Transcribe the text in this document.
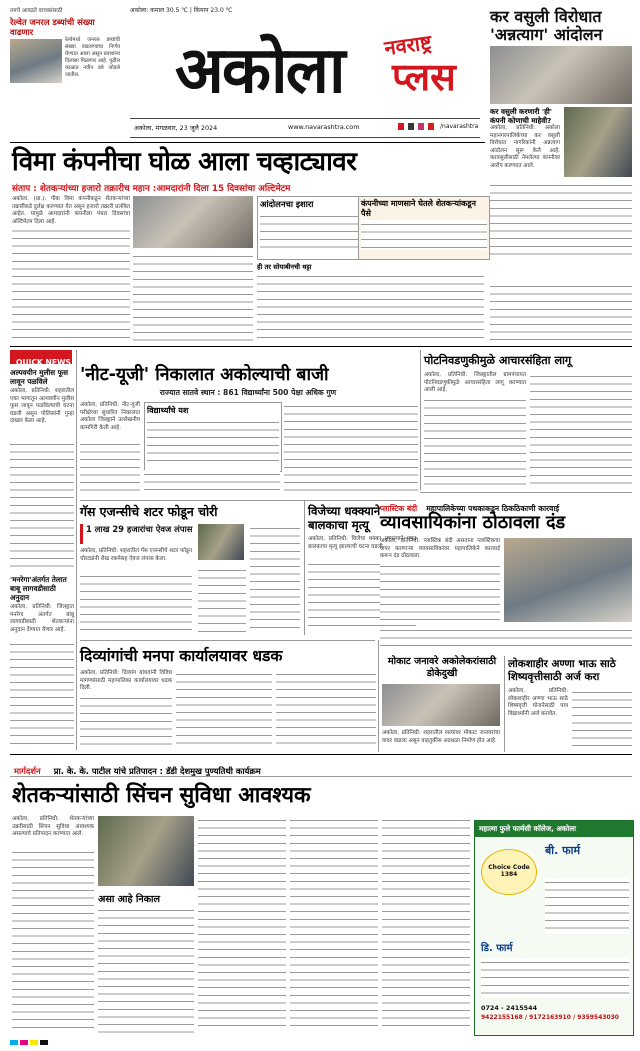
तमचे आवडते वाचकांसाठी	अकोला: कमाल 30.5 ℃ | किमान 23.0 ℃
रेल्वेत जनरल डब्यांची संख्या वाढणार
रेल्वेमध्ये जनरल डब्यांची संख्या वाढवण्याचा निर्णय घेण्यात आला असून प्रवाशांना दिलासा मिळणार आहे. पुढील काळात नवीन डबे जोडले जातील.	अकोला	नवराष्ट्र
प्लस
अकोला, मंगळवार, 23 जुलै 2024	www.navarashtra.com	/navarashtra
कर वसुली विरोधात 'अन्नत्याग' आंदोलन
कर वसुली करणारी 'ही' कंपनी कोणाची माहेवी?
अकोला, प्रतिनिधी: अकोला महानगरपालिकेच्या कर वसुली विरोधात नागरिकांनी अन्नत्याग आंदोलन सुरू केले आहे. करवसुलीसाठी नेमलेल्या कंपनीवर आरोप करण्यात आले.
विमा कंपनीचा घोळ आला चव्हाट्यावर
संताप : शेतकऱ्यांच्या हजारो तक्रारीच महान :आमदारांनी दिला 15 दिवसांचा अल्टिमेटम
अकोला, (प्रा.): पीक विमा कंपनीकडून शेतकऱ्यांच्या तक्रारींकडे दुर्लक्ष करण्यात येत असून हजारो तक्रारी प्रलंबित आहेत. यामुळे आमदारांनी कंपनीला पंधरा दिवसांचा अल्टिमेटम दिला आहे.
आंदोलनचा इशारा	कंपनीच्या माणसाने घेतले शेतकऱ्यांकडून पैसे
ही तर सोयाबीनची थट्टा
QUICK NEWS
अल्पवयीन मुलीस फूस लावून पळविले
अकोला, प्रतिनिधी: शहरातील एका भागातून अल्पवयीन मुलीस फूस लावून पळविल्याची घटना घडली असून पोलिसांनी गुन्हा दाखल केला आहे.
'मनरेगा'अंतर्गत तेलात बाबू लागवडीसाठी अनुदान
अकोला, प्रतिनिधी: जिल्ह्यात मनरेगा अंतर्गत बांबू लागवडीसाठी शेतकऱ्यांना अनुदान देण्यात येणार आहे.
'नीट-यूजी' निकालात अकोल्याची बाजी
राज्यात सातवे स्थान : 861 विद्यार्थ्यांना 500 पेक्षा अधिक गुण
अकोला, प्रतिनिधी: नीट-यूजी परीक्षेच्या सुधारित निकालात अकोला जिल्ह्याने उल्लेखनीय कामगिरी केली आहे.
विद्यार्थ्यांचे यश
पोटनिवडणुकीमुळे आचारसंहिता लागू
अकोला, प्रतिनिधी: जिल्ह्यातील ग्रामपंचायत पोटनिवडणुकीमुळे आचारसंहिता लागू करण्यात आली आहे.
गॅस एजन्सीचे शटर फोडून चोरी
1 लाख 29 हजारांचा ऐवज लंपास
अकोला, प्रतिनिधी: शहरातील गॅस एजन्सीचे शटर फोडून चोरट्यांनी रोख रकमेसह ऐवज लंपास केला.
विजेच्या धक्क्याने बालकाचा मृत्यू
अकोला, प्रतिनिधी: विजेचा धक्का लागल्याने एका बालकाचा मृत्यू झाल्याची घटना घडली.
प्लास्टिक बंदी महापालिकेच्या पथकाकडून ठिकठिकाणी कारवाई
व्यावसायिकांना ठोठावला दंड
अकोला, प्रतिनिधी: प्लास्टिक बंदी असताना प्लास्टिकचा वापर करणाऱ्या व्यावसायिकांवर महापालिकेने कारवाई करून दंड ठोठावला.
दिव्यांगांची मनपा कार्यालयावर धडक
अकोला, प्रतिनिधी: दिव्यांग बांधवांनी विविध मागण्यांसाठी महापालिका कार्यालयावर धडक दिली.
मोकाट जनावरे अकोलेकरांसाठी डोकेदुखी
अकोला, प्रतिनिधी: शहरातील रस्त्यांवर मोकाट जनावरांचा वावर वाढला असून वाहतुकीस अडथळा निर्माण होत आहे.
लोकशाहीर अण्णा भाऊ साठे शिष्यवृत्तीसाठी अर्ज करा
अकोला, प्रतिनिधी: लोकशाहीर अण्णा भाऊ साठे शिष्यवृत्ती योजनेसाठी पात्र विद्यार्थ्यांनी अर्ज करावेत.
मार्गदर्शन प्रा. के. के. पाटील यांचे प्रतिपादन : डॅडी देशमुख पुण्यतिथी कार्यक्रम
शेतकऱ्यांसाठी सिंचन सुविधा आवश्यक
अकोला, प्रतिनिधी: शेतकऱ्यांच्या उन्नतीसाठी सिंचन सुविधा आवश्यक असल्याचे प्रतिपादन करण्यात आले.
असा आहे निकाल
महात्मा फुले फार्मसी कॉलेज, अकोला
बी. फार्म
Choice Code 1384
डि. फार्म
0724 - 2415544
9422155168 / 9172163910 / 9359543030
